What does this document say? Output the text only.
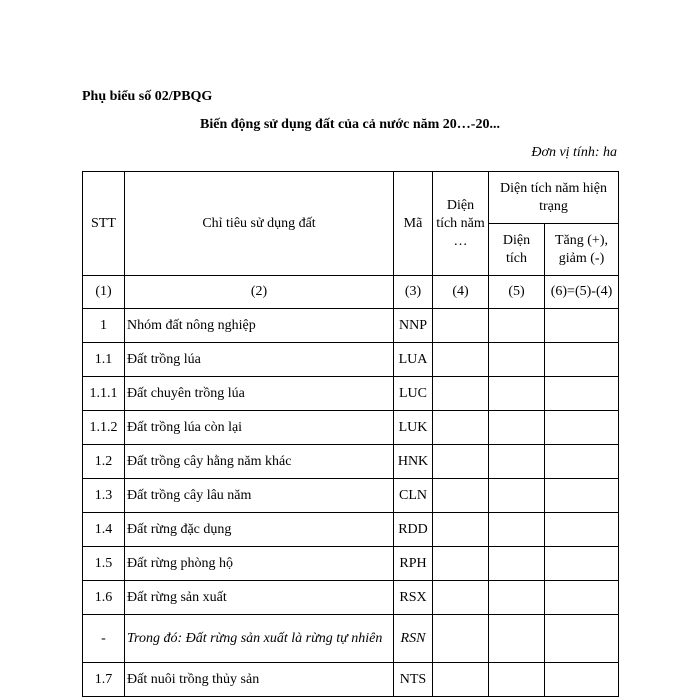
Phụ biểu số 02/PBQG
Biến động sử dụng đất của cả nước năm 20…-20...
Đơn vị tính: ha
STT	Chỉ tiêu sử dụng đất	Mã	Diện tích năm …	Diện tích năm hiện trạng	
				Diện tích	Tăng (+), giảm (-)
(1)	(2)	(3)	(4)	(5)	(6)=(5)-(4)
1	Nhóm đất nông nghiệp	NNP			
1.1	Đất trồng lúa	LUA			
1.1.1	Đất chuyên trồng lúa	LUC			
1.1.2	Đất trồng lúa còn lại	LUK			
1.2	Đất trồng cây hằng năm khác	HNK			
1.3	Đất trồng cây lâu năm	CLN			
1.4	Đất rừng đặc dụng	RDD			
1.5	Đất rừng phòng hộ	RPH			
1.6	Đất rừng sản xuất	RSX			
-	Trong đó: Đất rừng sản xuất là rừng tự nhiên	RSN			
1.7	Đất nuôi trồng thủy sản	NTS			
